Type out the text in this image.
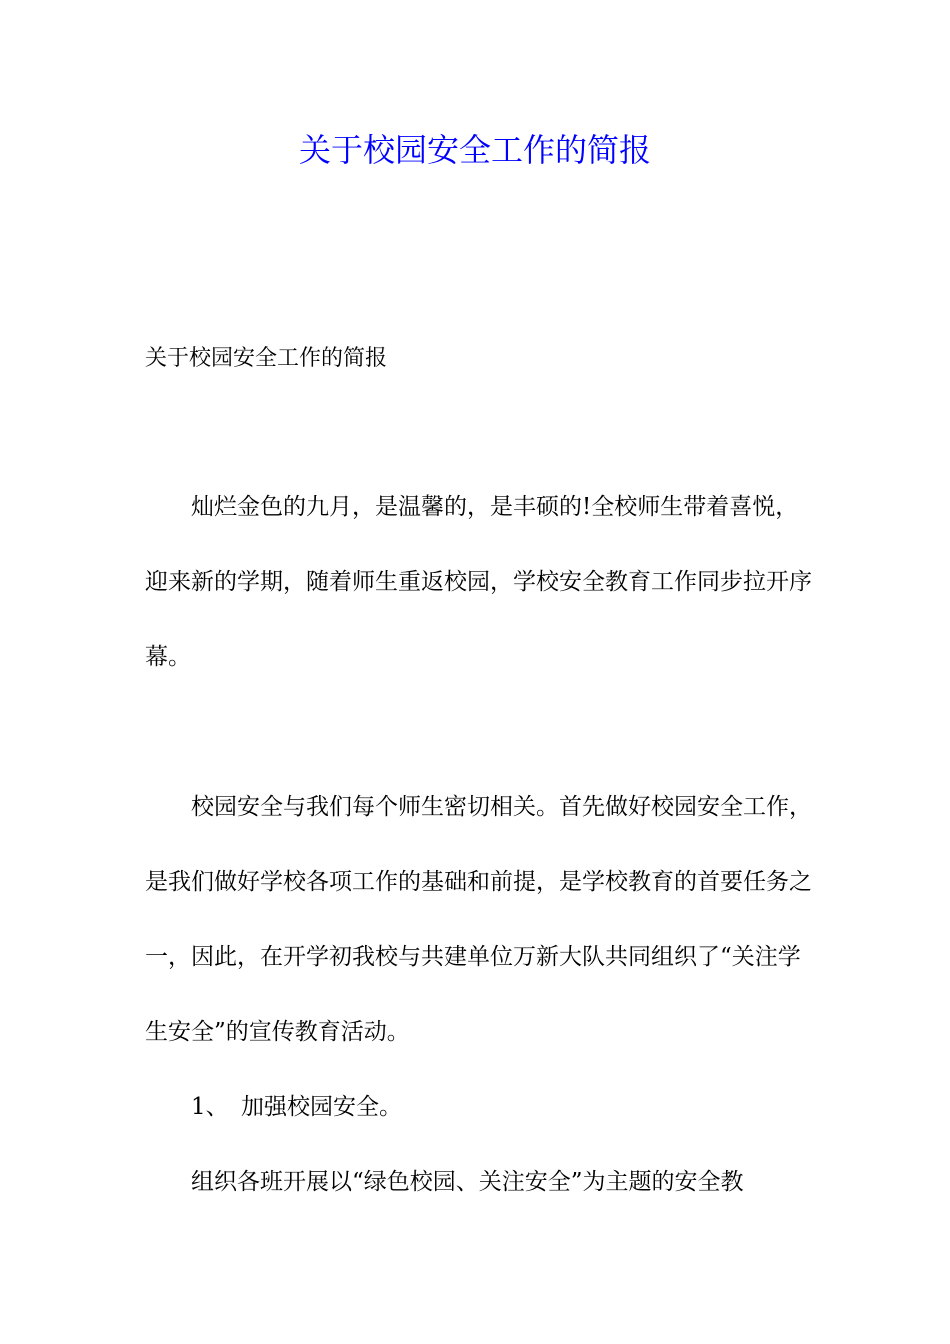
关于校园安全工作的简报

关于校园安全工作的简报

灿烂金色的九月，是温馨的，是丰硕的!全校师生带着喜悦，迎来新的学期，随着师生重返校园，学校安全教育工作同步拉开序幕。

校园安全与我们每个师生密切相关。首先做好校园安全工作，是我们做好学校各项工作的基础和前提，是学校教育的首要任务之一，因此，在开学初我校与共建单位万新大队共同组织了“关注学生安全”的宣传教育活动。

1、 加强校园安全。

组织各班开展以“绿色校园、关注安全”为主题的安全教
